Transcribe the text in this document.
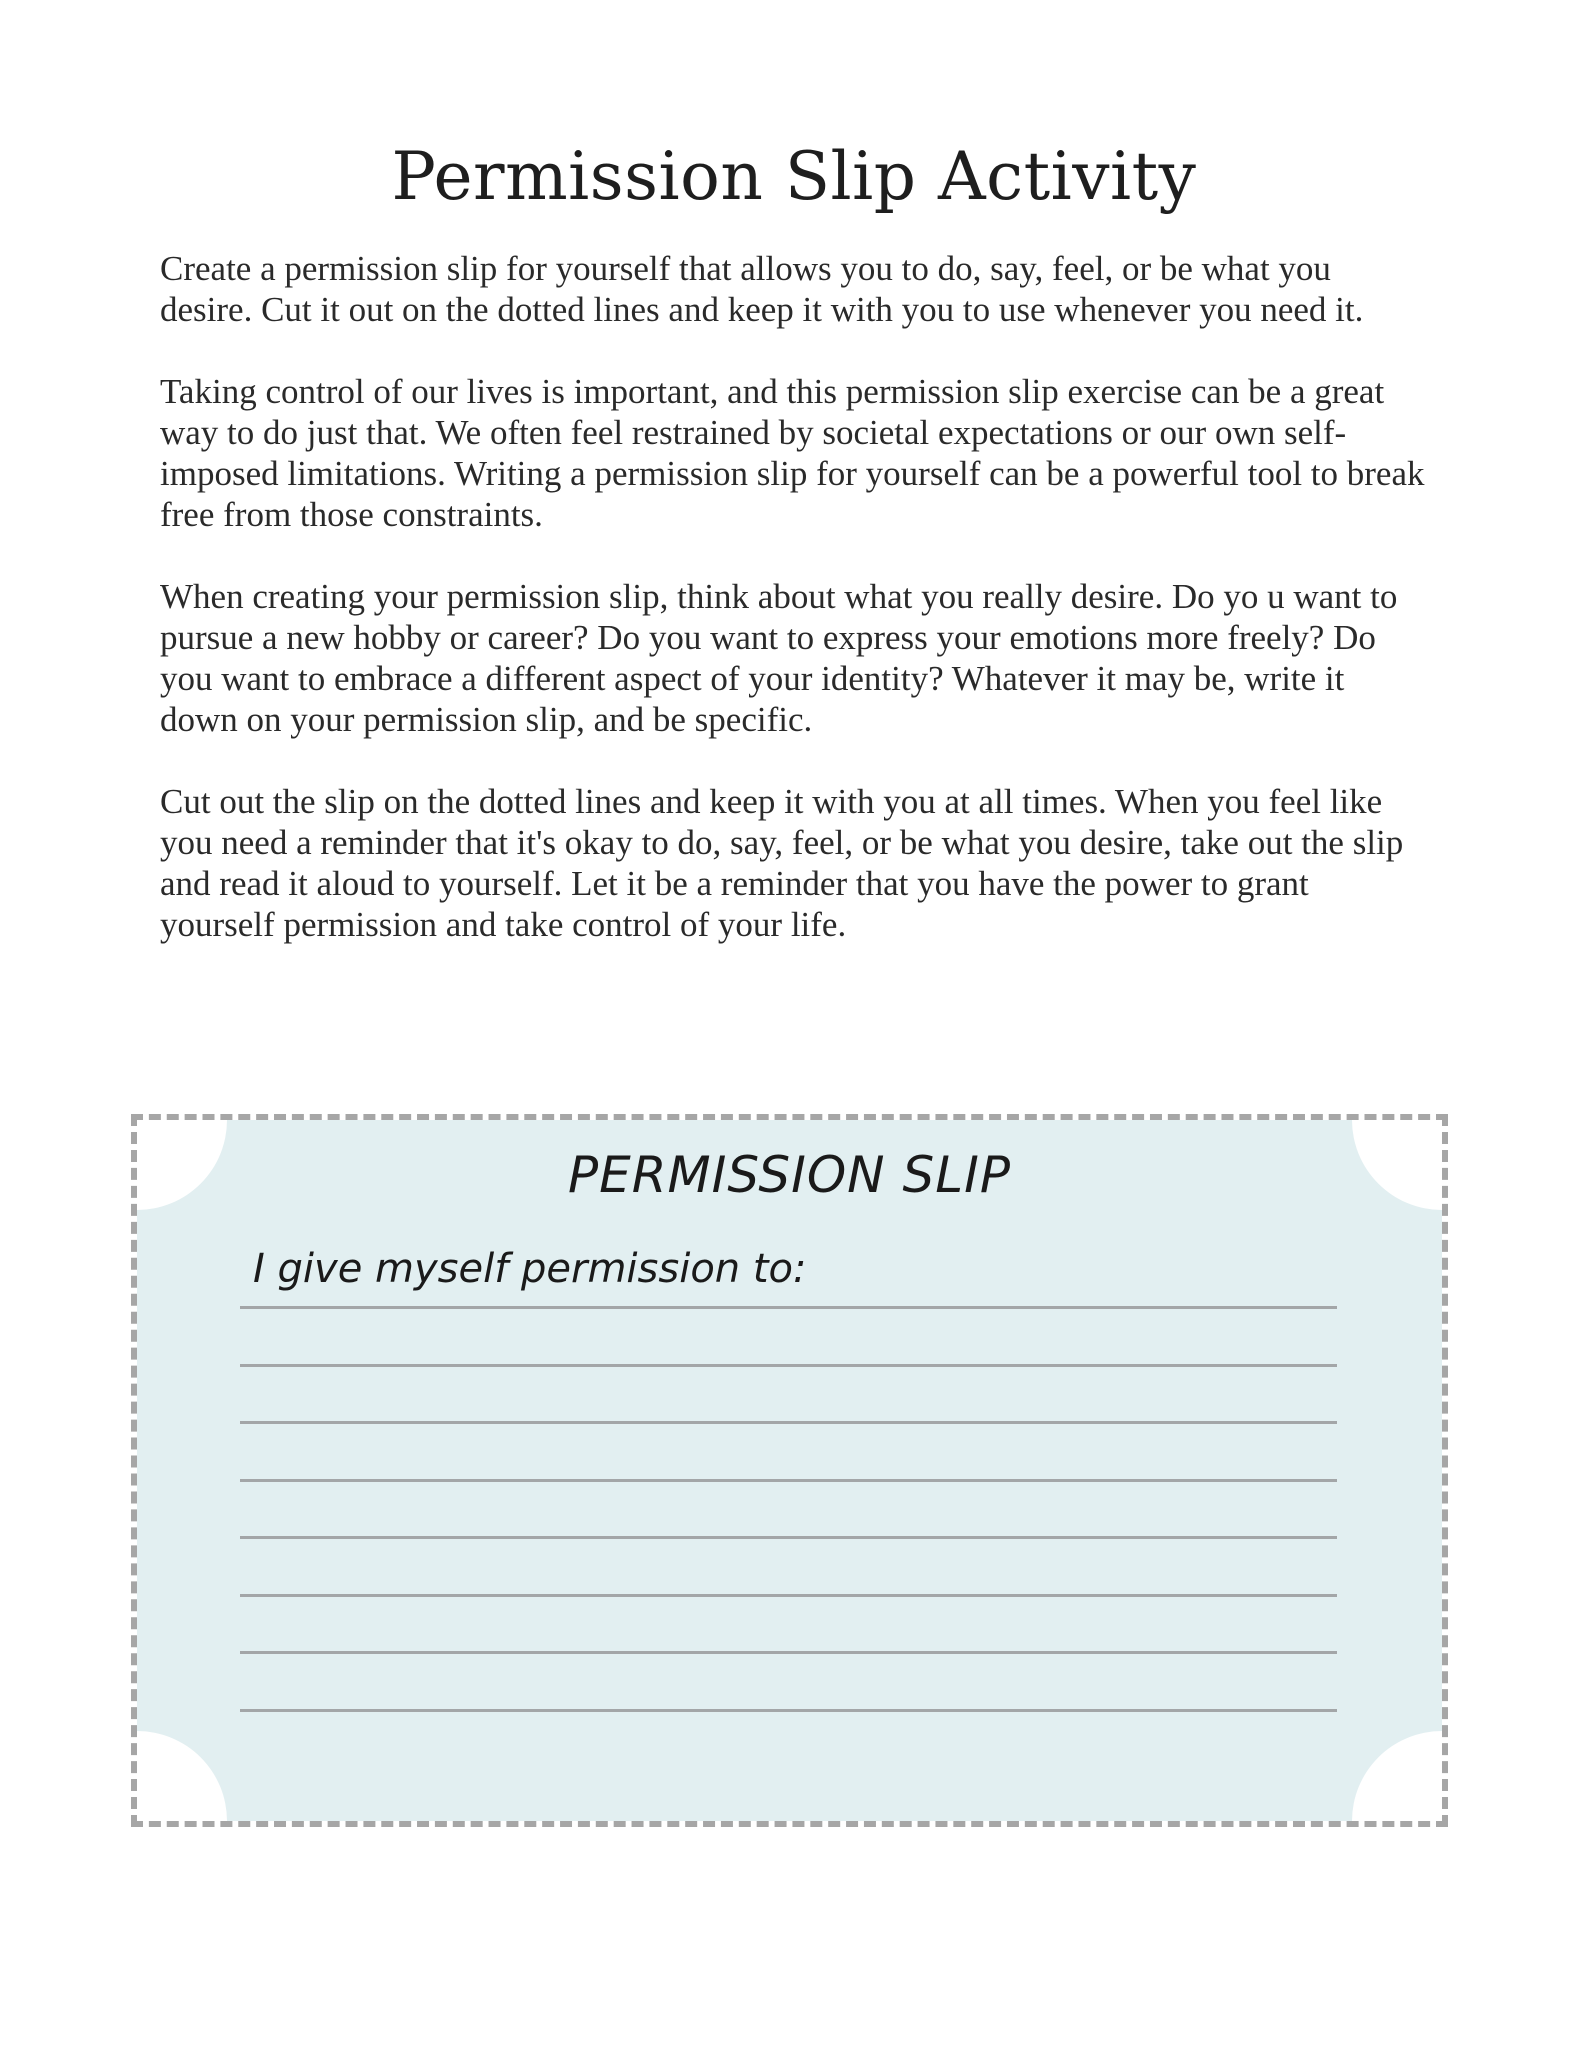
Permission Slip Activity

Create a permission slip for yourself that allows you to do, say, feel, or be what you desire. Cut it out on the dotted lines and keep it with you to use whenever you need it.

Taking control of our lives is important, and this permission slip exercise can be a great way to do just that. We often feel restrained by societal expectations or our own self-imposed limitations. Writing a permission slip for yourself can be a powerful tool to break free from those constraints.

When creating your permission slip, think about what you really desire. Do yo u want to pursue a new hobby or career? Do you want to express your emotions more freely? Do you want to embrace a different aspect of your identity? Whatever it may be, write it down on your permission slip, and be specific.

Cut out the slip on the dotted lines and keep it with you at all times. When you feel like you need a reminder that it's okay to do, say, feel, or be what you desire, take out the slip and read it aloud to yourself. Let it be a reminder that you have the power to grant yourself permission and take control of your life.

PERMISSION SLIP
I give myself permission to:
